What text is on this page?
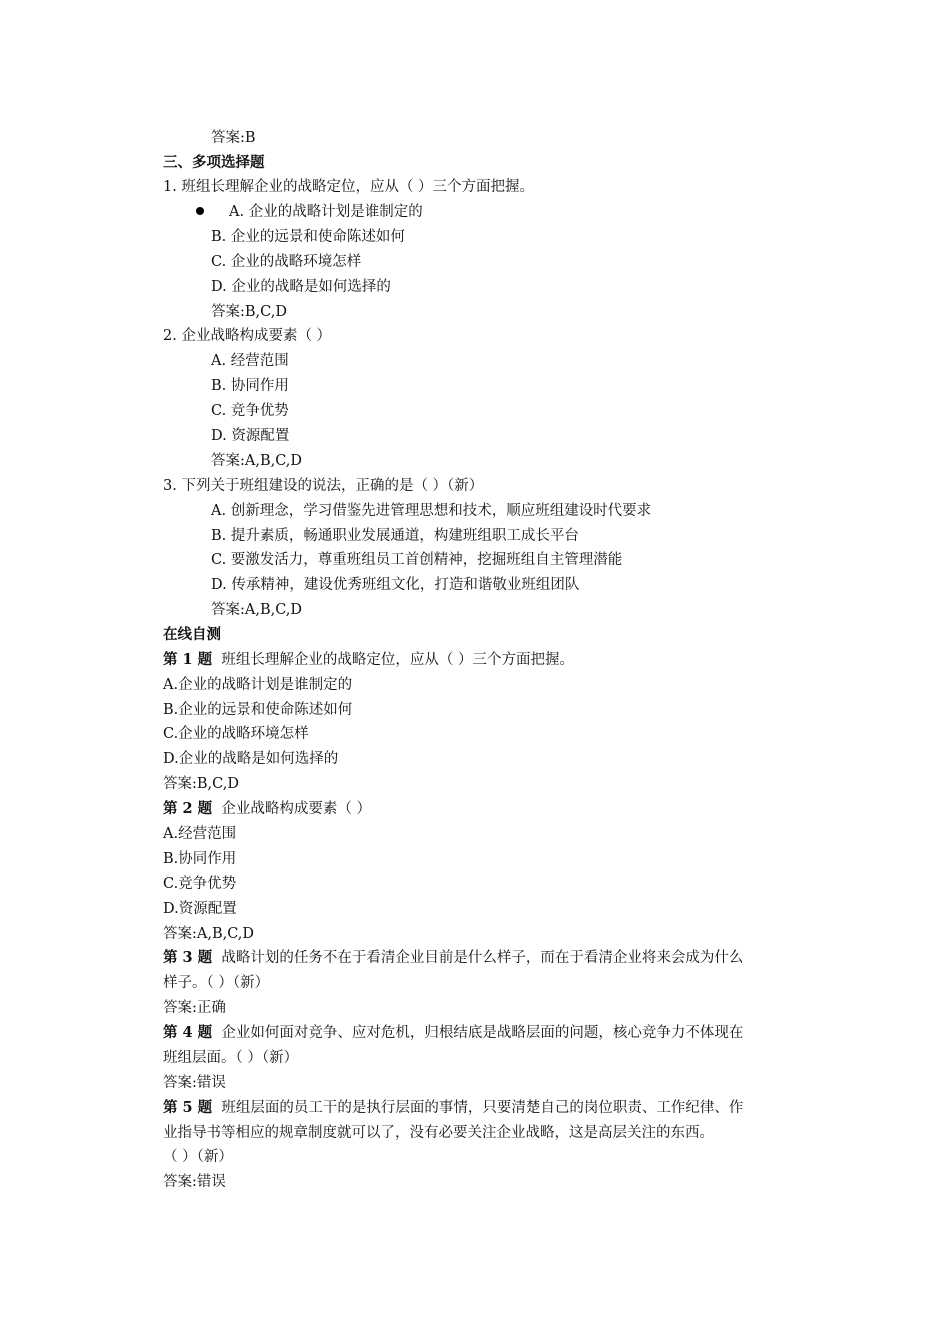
答案:B
三、多项选择题
1. 班组长理解企业的战略定位，应从（ ）三个方面把握。
A. 企业的战略计划是谁制定的
B. 企业的远景和使命陈述如何
C. 企业的战略环境怎样
D. 企业的战略是如何选择的
答案:B,C,D
2. 企业战略构成要素（ ）
A. 经营范围
B. 协同作用
C. 竞争优势
D. 资源配置
答案:A,B,C,D
3. 下列关于班组建设的说法，正确的是（ ）（新）
A. 创新理念，学习借鉴先进管理思想和技术，顺应班组建设时代要求
B. 提升素质，畅通职业发展通道，构建班组职工成长平台
C. 要激发活力，尊重班组员工首创精神，挖掘班组自主管理潜能
D. 传承精神，建设优秀班组文化，打造和谐敬业班组团队
答案:A,B,C,D
在线自测
第 1 题 班组长理解企业的战略定位，应从（ ）三个方面把握。
A.企业的战略计划是谁制定的
B.企业的远景和使命陈述如何
C.企业的战略环境怎样
D.企业的战略是如何选择的
答案:B,C,D
第 2 题 企业战略构成要素（ ）
A.经营范围
B.协同作用
C.竞争优势
D.资源配置
答案:A,B,C,D
第 3 题 战略计划的任务不在于看清企业目前是什么样子，而在于看清企业将来会成为什么
样子。（ ）（新）
答案:正确
第 4 题 企业如何面对竞争、应对危机，归根结底是战略层面的问题，核心竞争力不体现在
班组层面。（ ）（新）
答案:错误
第 5 题 班组层面的员工干的是执行层面的事情，只要清楚自己的岗位职责、工作纪律、作
业指导书等相应的规章制度就可以了，没有必要关注企业战略，这是高层关注的东西。
（ ）（新）
答案:错误
